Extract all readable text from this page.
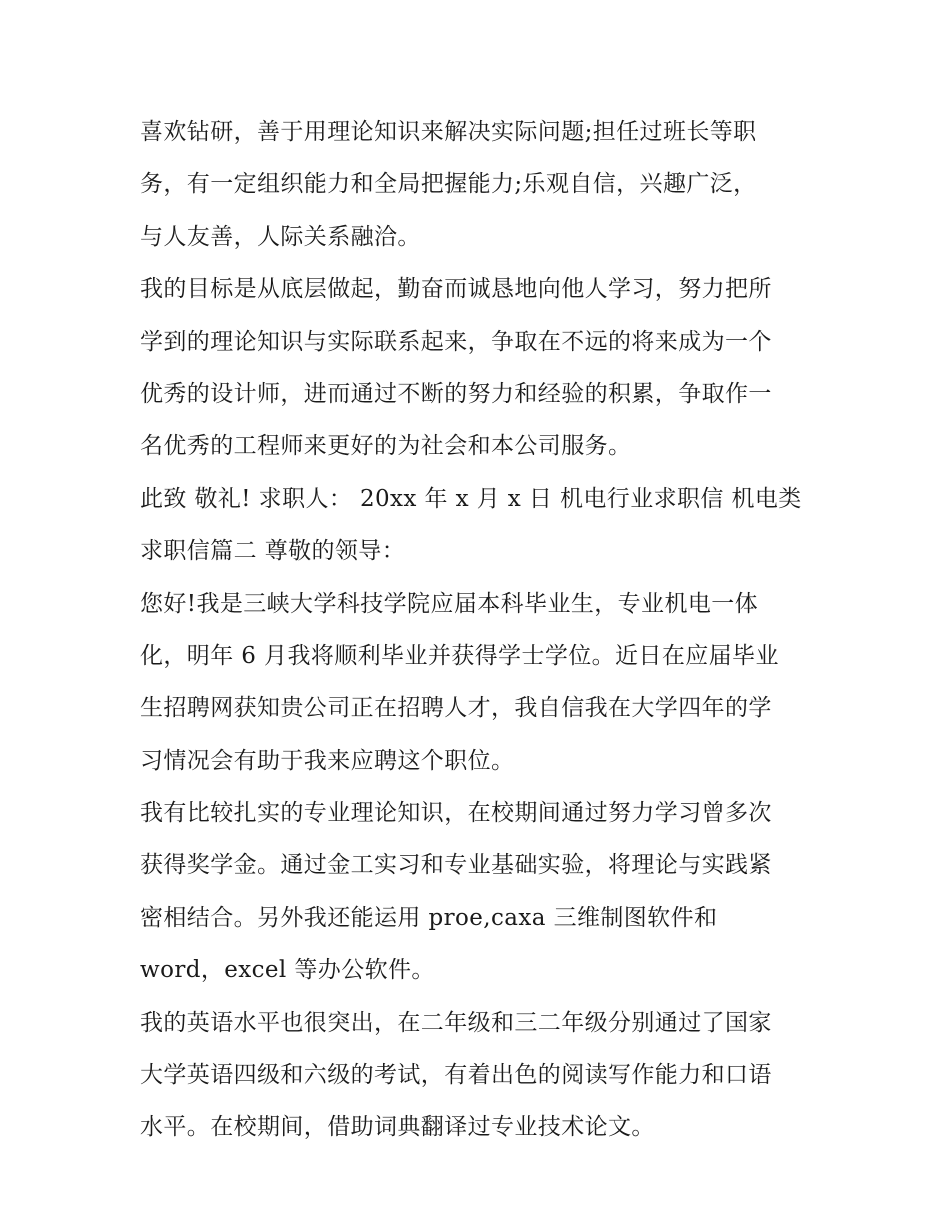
喜欢钻研，善于用理论知识来解决实际问题;担任过班长等职
务，有一定组织能力和全局把握能力;乐观自信，兴趣广泛，
与人友善，人际关系融洽。
我的目标是从底层做起，勤奋而诚恳地向他人学习，努力把所
学到的理论知识与实际联系起来，争取在不远的将来成为一个
优秀的设计师，进而通过不断的努力和经验的积累，争取作一
名优秀的工程师来更好的为社会和本公司服务。
此致 敬礼! 求职人： 20xx 年 x 月 x 日 机电行业求职信 机电类
求职信篇二 尊敬的领导：
您好!我是三峡大学科技学院应届本科毕业生，专业机电一体
化，明年 6 月我将顺利毕业并获得学士学位。近日在应届毕业
生招聘网获知贵公司正在招聘人才，我自信我在大学四年的学
习情况会有助于我来应聘这个职位。
我有比较扎实的专业理论知识，在校期间通过努力学习曾多次
获得奖学金。通过金工实习和专业基础实验，将理论与实践紧
密相结合。另外我还能运用 proe,caxa 三维制图软件和
word，excel 等办公软件。
我的英语水平也很突出，在二年级和三二年级分别通过了国家
大学英语四级和六级的考试，有着出色的阅读写作能力和口语
水平。在校期间，借助词典翻译过专业技术论文。
